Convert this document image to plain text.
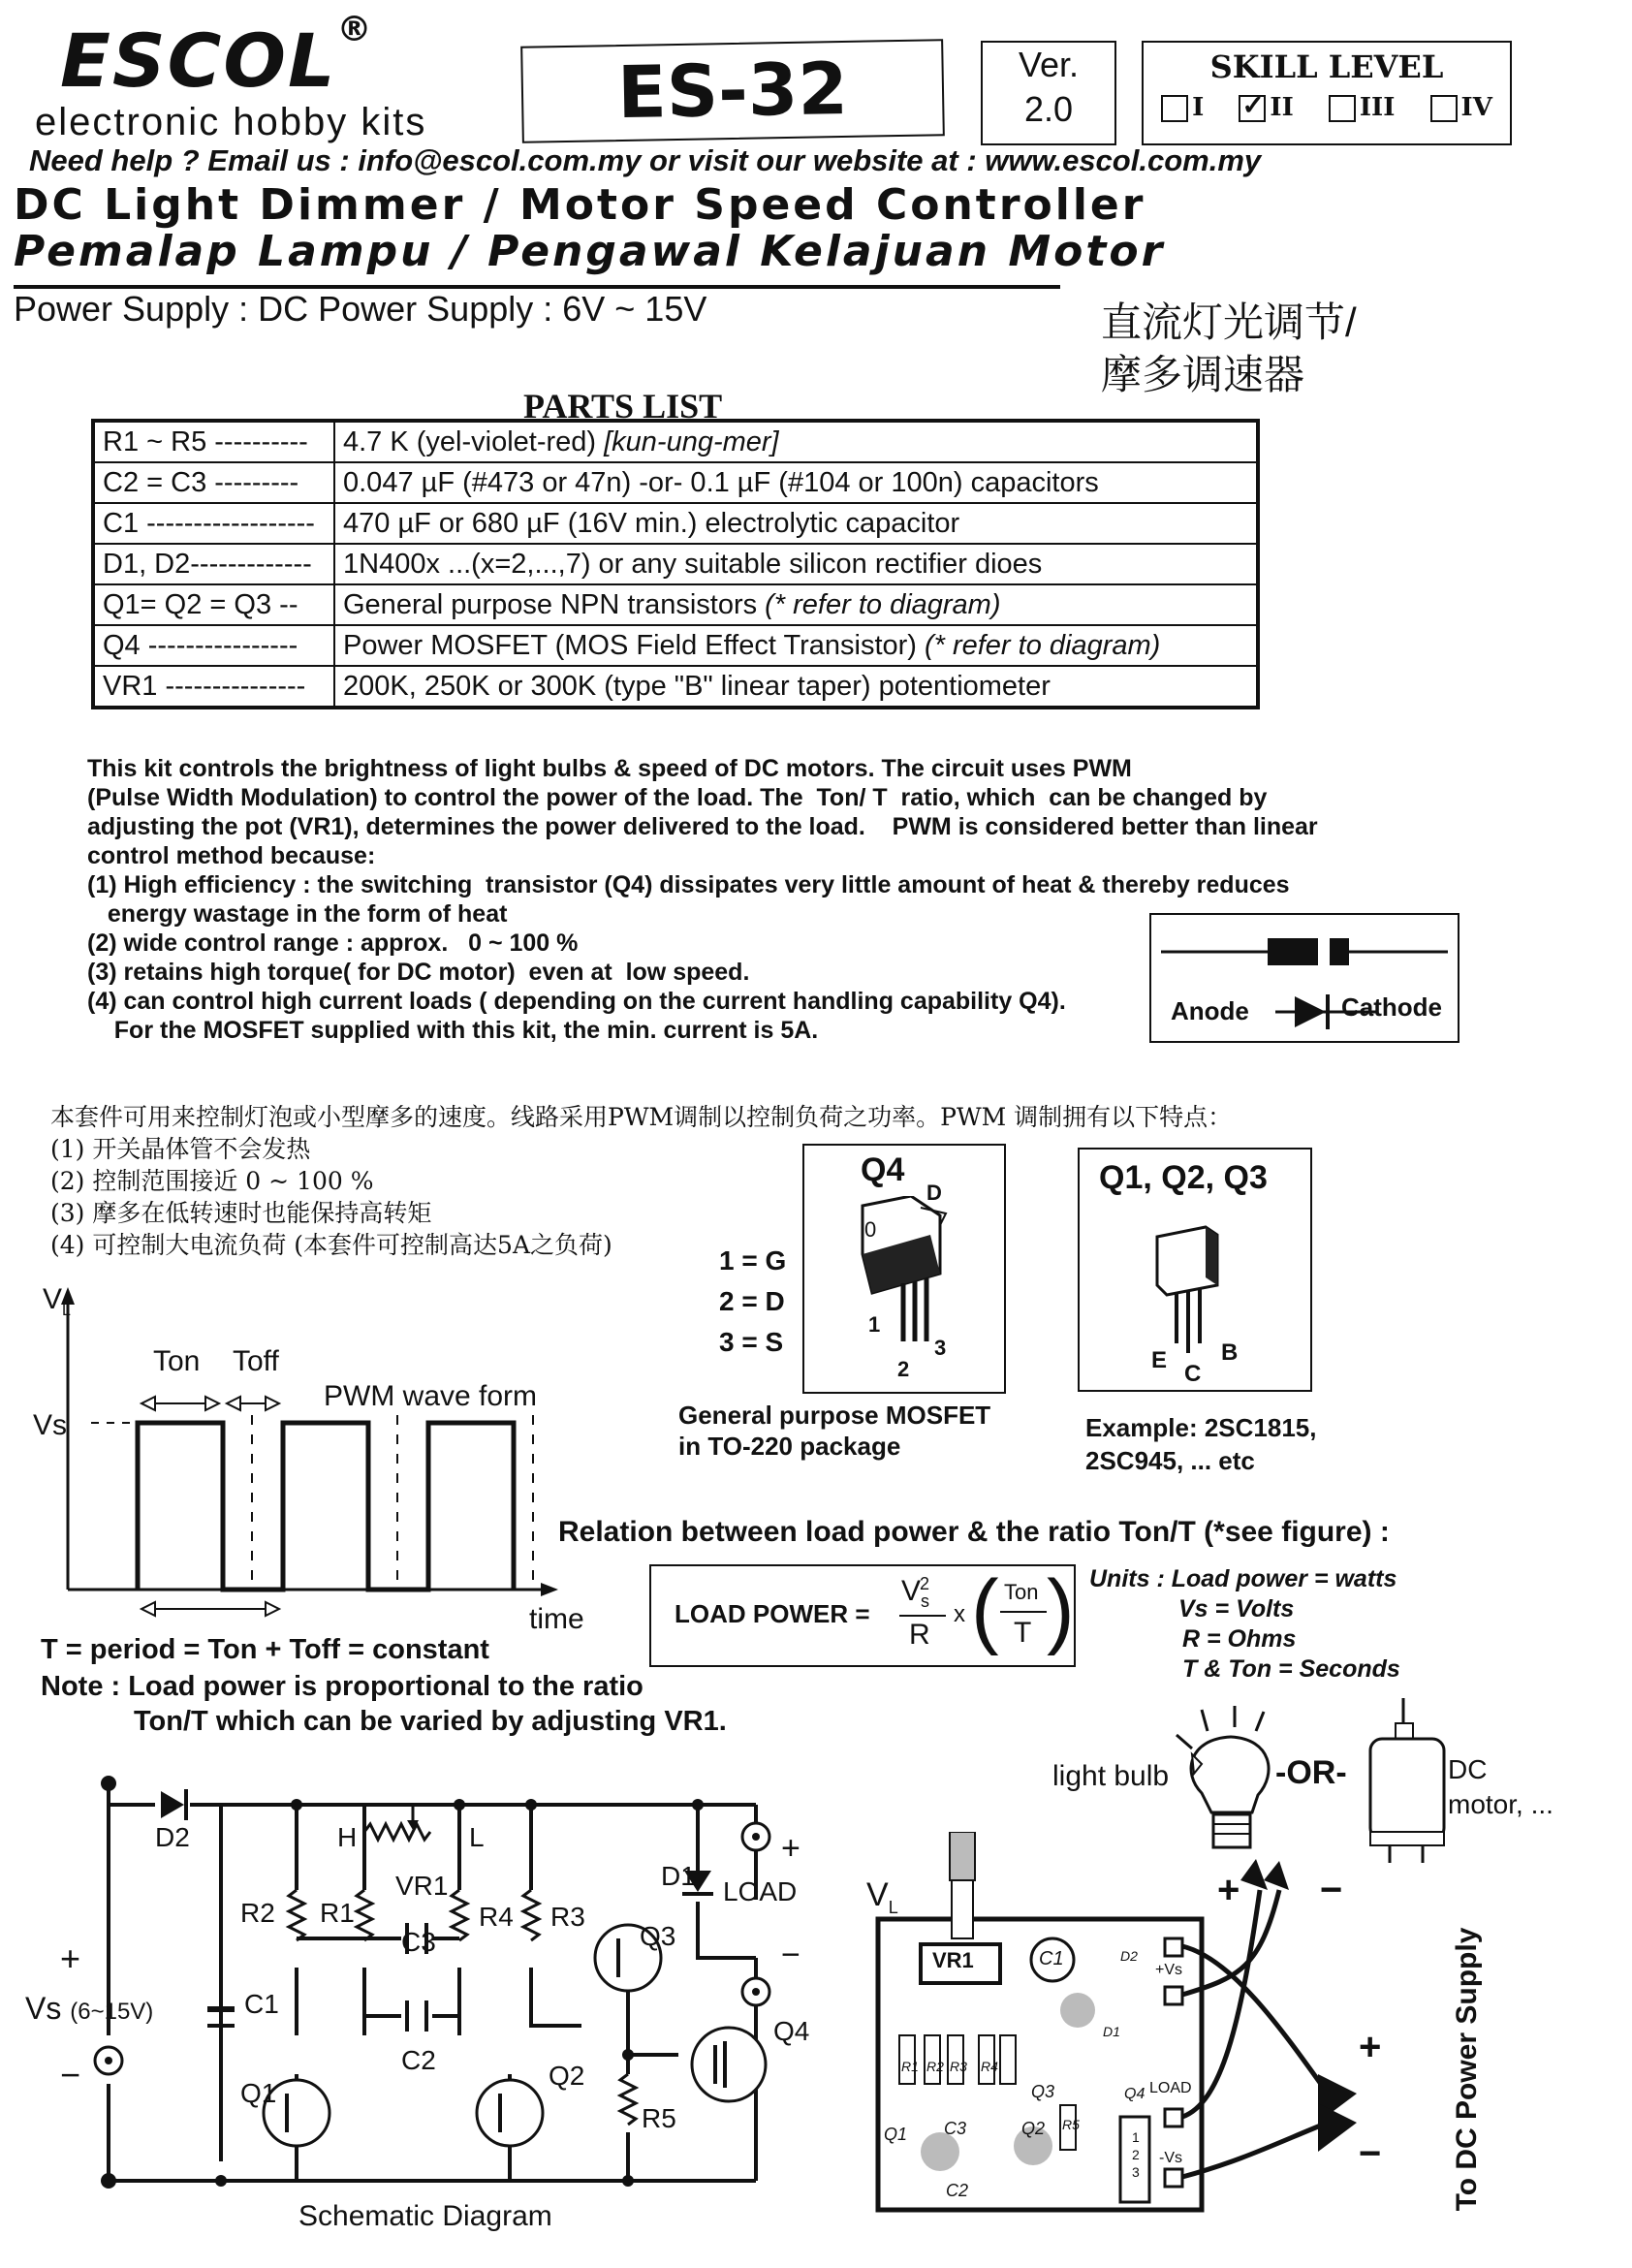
ESCOL®
electronic hobby kits	ES-32	Ver.
2.0
SKILL LEVEL
I ✓	II	III	IV
Need help ? Email us : info@escol.com.my or visit our website at : www.escol.com.my
DC Light Dimmer / Motor Speed Controller
Pemalap Lampu / Pengawal Kelajuan Motor
Power Supply : DC Power Supply : 6V ~ 15V	直流灯光调节/
摩多调速器
PARTS LIST
R1 ~ R5 ----------	4.7 K (yel-violet-red) [kun-ung-mer]
C2 = C3 ---------	0.047 µF (#473 or 47n) -or- 0.1 µF (#104 or 100n) capacitors
C1 ------------------	470 µF or 680 µF (16V min.) electrolytic capacitor
D1, D2-------------	1N400x ...(x=2,...,7) or any suitable silicon rectifier dioes
Q1= Q2 = Q3 --	General purpose NPN transistors (* refer to diagram)
Q4 ----------------	Power MOSFET (MOS Field Effect Transistor) (* refer to diagram)
VR1 ---------------	200K, 250K or 300K (type "B" linear taper) potentiometer
This kit controls the brightness of light bulbs & speed of DC motors. The circuit uses PWM
(Pulse Width Modulation) to control the power of the load. The  Ton/ T  ratio, which  can be changed by
adjusting the pot (VR1), determines the power delivered to the load.    PWM is considered better than linear
control method because:
(1) High efficiency : the switching  transistor (Q4) dissipates very little amount of heat & thereby reduces
energy wastage in the form of heat
(2) wide control range : approx.   0 ~ 100 %
(3) retains high torque( for DC motor)  even at  low speed.
(4) can control high current loads ( depending on the current handling capability Q4).
For the MOSFET supplied with this kit, the min. current is 5A.
Anode	Cathode
本套件可用来控制灯泡或小型摩多的速度。线路采用PWM调制以控制负荷之功率。PWM 调制拥有以下特点：
(1) 开关晶体管不会发热
(2) 控制范围接近 0 ~ 100 %
(3) 摩多在低转速时也能保持高转矩
(4) 可控制大电流负荷 (本套件可控制高达5A之负荷)
Q4
D
0
1
2
3
1 = G
2 = D
3 = S
General purpose MOSFET
in TO-220 package
Q1, Q2, Q3
E B
C
Example: 2SC1815,
2SC945, ... etc
$V_L$
Vs
Ton Toff
PWM wave form
time
T = period = Ton + Toff = constant
Note : Load power is proportional to the ratio
Ton/T which can be varied by adjusting VR1.
Relation between load power & the ratio Ton/T (*see figure) :
LOAD POWER =
$V_s^2$
R
x ( Ton
T ) Units : Load power = watts
Vs = Volts
R = Ohms
T & Ton = Seconds
light bulb	-OR-	DC
motor, ...
D2
R2 R1
VR1
R4 R3
C3
C2
C1
Q1
Q2
Q3
Q4
R5
D1
LOAD $V_L$
H	L
Vs (6~15V)
+
−
+
−
Schematic Diagram
VR1	C1	D2
D1
Q3	Q4
Q1	Q2
C3
C2
R1 R2 R3 R4
R5
+Vs
LOAD
-Vs
1
2
3
+ −
+
− To DC Power Supply
